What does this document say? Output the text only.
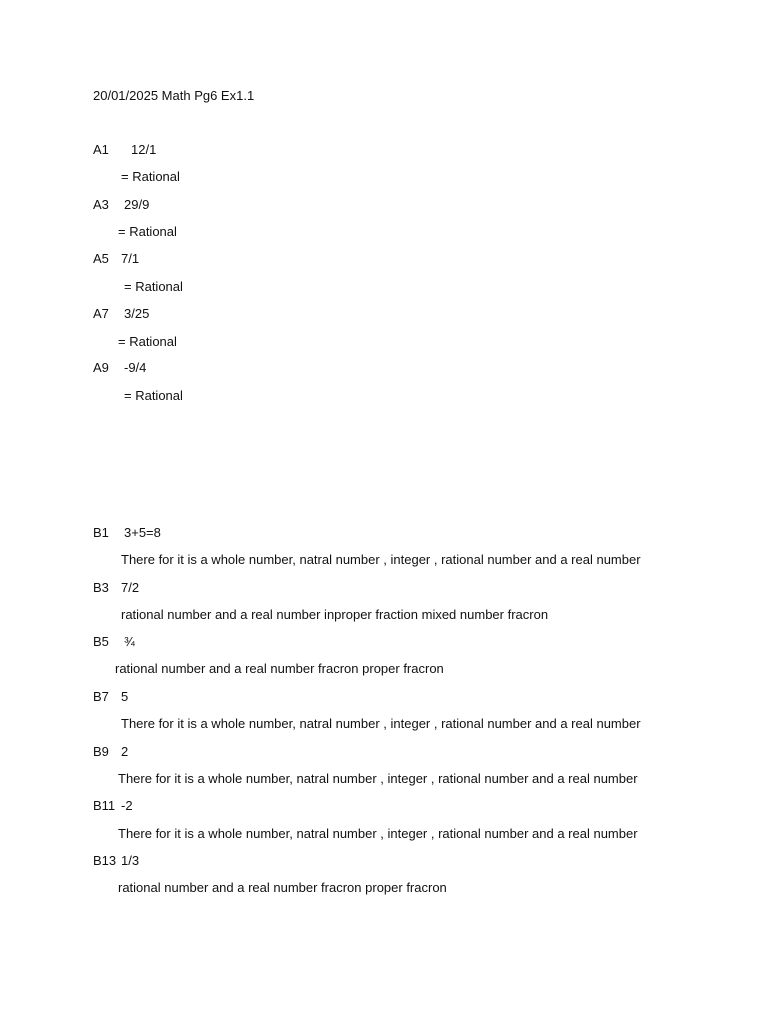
20/01/2025 Math Pg6 Ex1.1
A1 12/1
= Rational
A3 29/9
= Rational
A5 7/1
= Rational
A7 3/25
= Rational
A9 -9/4
= Rational
B1 3+5=8
There for it is a whole number, natral number , integer , rational number and a real number
B3 7/2
rational number and a real number inproper fraction mixed number fracron
B5 ¾
rational number and a real number fracron proper fracron
B7 5
There for it is a whole number, natral number , integer , rational number and a real number
B9 2
There for it is a whole number, natral number , integer , rational number and a real number
B11 -2
There for it is a whole number, natral number , integer , rational number and a real number
B13 1/3
rational number and a real number fracron proper fracron
